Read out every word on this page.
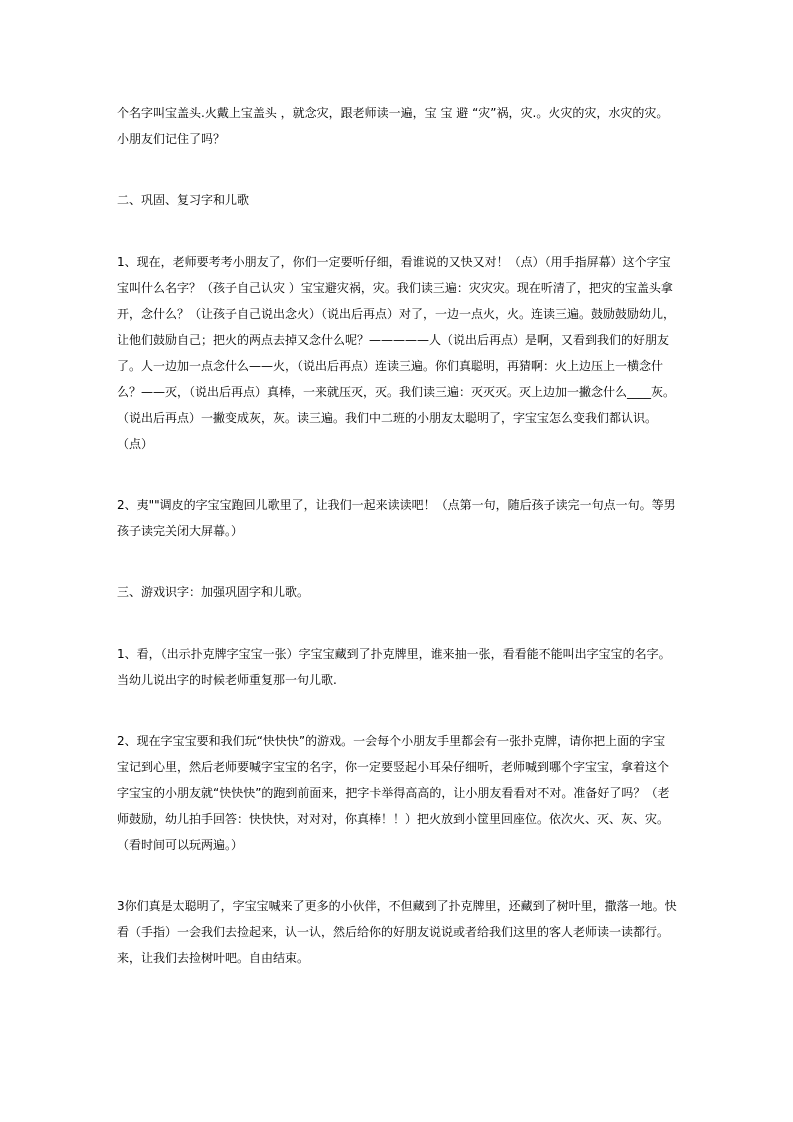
个名字叫宝盖头.火戴上宝盖头 ，就念灾，跟老师读一遍，宝 宝 避 “灾”祸，灾.。火灾的灾，水灾的灾。小朋友们记住了吗？

二、巩固、复习字和儿歌

1、现在，老师要考考小朋友了，你们一定要听仔细，看谁说的又快又对！（点）（用手指屏幕）这个字宝宝叫什么名字？（孩子自己认灾 ）宝宝避灾祸，灾。我们读三遍：灾灾灾。现在听清了，把灾的宝盖头拿开，念什么？（让孩子自己说出念火）（说出后再点）对了，一边一点火，火。连读三遍。鼓励鼓励幼儿，让他们鼓励自己；把火的两点去掉又念什么呢？—————人（说出后再点）是啊，又看到我们的好朋友了。人一边加一点念什么——火，（说出后再点）连读三遍。你们真聪明，再猜啊：火上边压上一横念什么？——灭，（说出后再点）真棒，一来就压灭，灭。我们读三遍：灭灭灭。灭上边加一撇念什么____灰。（说出后再点）一撇变成灰，灰。读三遍。我们中二班的小朋友太聪明了，字宝宝怎么变我们都认识。（点）

2、夷""调皮的字宝宝跑回儿歌里了，让我们一起来读读吧！（点第一句，随后孩子读完一句点一句。等男孩子读完关闭大屏幕。）

三、游戏识字：加强巩固字和儿歌。

1、看，（出示扑克牌字宝宝一张）字宝宝藏到了扑克牌里，谁来抽一张，看看能不能叫出字宝宝的名字。当幼儿说出字的时候老师重复那一句儿歌.

2、现在字宝宝要和我们玩“快快快”的游戏。一会每个小朋友手里都会有一张扑克牌，请你把上面的字宝宝记到心里，然后老师要喊字宝宝的名字，你一定要竖起小耳朵仔细听，老师喊到哪个字宝宝，拿着这个字宝宝的小朋友就“快快快”的跑到前面来，把字卡举得高高的，让小朋友看看对不对。准备好了吗？（老师鼓励，幼儿拍手回答：快快快，对对对，你真棒！！）把火放到小筐里回座位。依次火、灭、灰、灾。（看时间可以玩两遍。）

3你们真是太聪明了，字宝宝喊来了更多的小伙伴，不但藏到了扑克牌里，还藏到了树叶里，撒落一地。快看（手指）一会我们去捡起来，认一认，然后给你的好朋友说说或者给我们这里的客人老师读一读都行。来，让我们去捡树叶吧。自由结束。
